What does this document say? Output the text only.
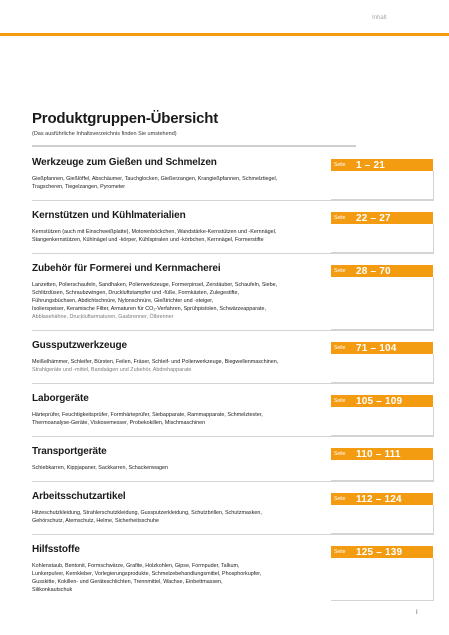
Inhalt
Produktgruppen-Übersicht
(Das ausführliche Inhaltsverzeichnis finden Sie umstehend)
Werkzeuge zum Gießen und Schmelzen	Seite	1 – 21
Gießpfannen, Gießlöffel, Abschäumer, Tauchglocken, Gießerzangen, Krangießpfannen, Schmelztiegel,
Tragscheren, Tiegelzangen, Pyrometer
Kernstützen und Kühlmaterialien	Seite	22 – 27
Kernstützen (auch mit Einschweißplatte), Motorenböckchen, Wandstärke-Kernstützen und -Kernnägel,
Stangenkernstützen, Kühlnägel und -körper, Kühlspiralen und -körbchen, Kernnägel, Formerstifte
Zubehör für Formerei und Kernmacherei	Seite	28 – 70
Lanzetten, Polierschaufeln, Sandhaken, Polierwerkzeuge, Formerpinsel, Zerstäuber, Schaufeln, Siebe,
Schlitzdüsen, Schraubzwingen, Druckluftstampfer und -füße, Formkästen, Zulegestifte,
Führungsbüchsen, Abdichtschnüre, Nylonschnüre, Gießtrichter und -steiger,
Isolierspeiser, Keramische Filter, Armaturen für CO₂-Verfahren, Sprühpistolen, Schwärzeapparate,
Abblasehähne, Druckluftarmaturen, Gasbrenner, Ölbrenner
Gussputzwerkzeuge	Seite	71 – 104
Meißelhämmer, Schleifer, Bürsten, Feilen, Fräser, Schleif- und Polierwerkzeuge, Biegwellenmaschinen,
Strahlgeräte und -mittel, Bandsägen und Zubehör, Abdrehapparate
Laborgeräte	Seite	105 – 109
Härteprüfer, Feuchtigkeitsprüfer, Formhärteprüfer, Siebapparate, Rammapparate, Schmelztester,
Thermoanalyse-Geräte, Viskosemesser, Probekokillen, Mischmaschinen
Transportgeräte	Seite	110 – 111
Schiebkarren, Kippjapaner, Sackkarren, Schackenwagen
Arbeitsschutzartikel	Seite	112 – 124
Hitzeschutzkleidung, Strahlerschutzkleidung, Gussputzerkleidung, Schutzbrillen, Schutzmasken,
Gehörschutz, Atemschutz, Helme, Sicherheitsschuhe
Hilfsstoffe	Seite	125 – 139
Kohlenstaub, Bentonit, Formschwärze, Grafite, Holzkohlen, Gipse, Formpuder, Talkum,
Lunkerpulver, Kernkleber, Vorlegierungsprodukte, Schmelzebehandlungsmittel, Phosphorkupfer,
Gusskitte, Kokillen- und Geräteschlichten, Trennmittel, Wachse, Einbettmassen,
Silikonkautschuk
I
